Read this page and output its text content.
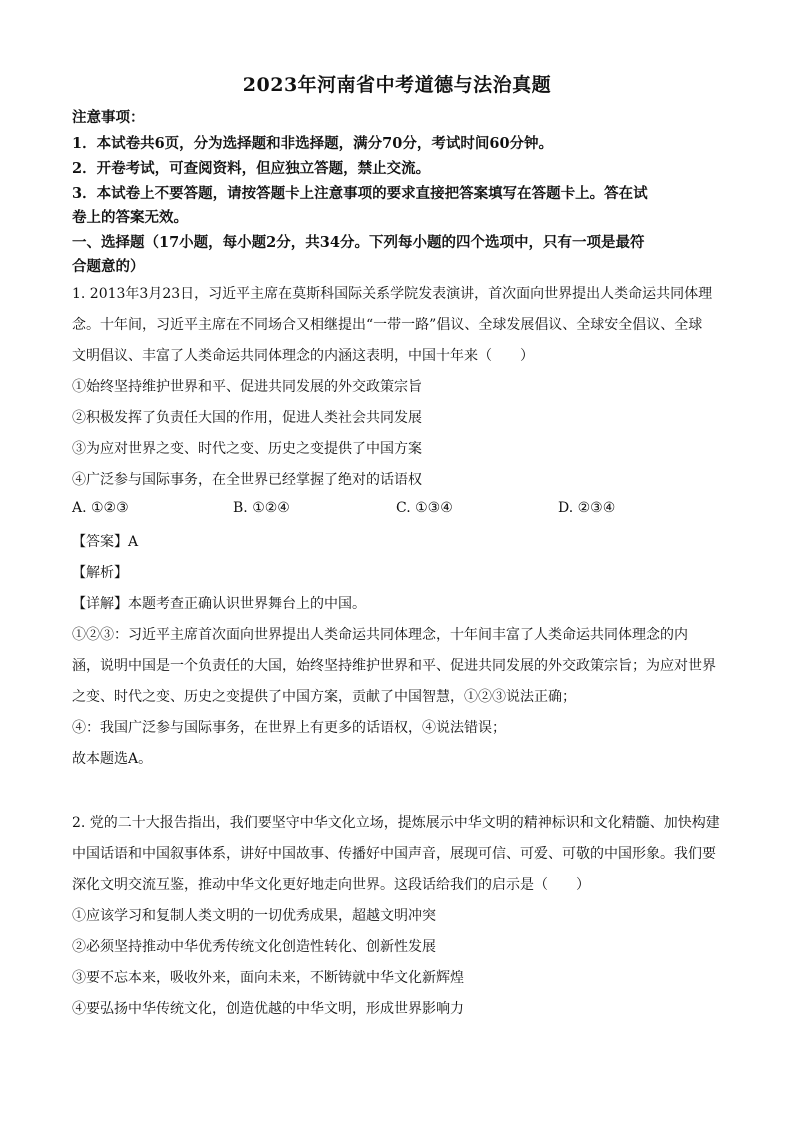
2023年河南省中考道德与法治真题
注意事项：
1．本试卷共6页，分为选择题和非选择题，满分70分，考试时间60分钟。
2．开卷考试，可查阅资料，但应独立答题，禁止交流。
3．本试卷上不要答题，请按答题卡上注意事项的要求直接把答案填写在答题卡上。答在试
卷上的答案无效。
一、选择题（17小题，每小题2分，共34分。下列每小题的四个选项中，只有一项是最符
合题意的）
1. 2013年3月23日，习近平主席在莫斯科国际关系学院发表演讲，首次面向世界提出人类命运共同体理
念。十年间，习近平主席在不同场合又相继提出“一带一路”倡议、全球发展倡议、全球安全倡议、全球
文明倡议、丰富了人类命运共同体理念的内涵这表明，中国十年来（　　）
①始终坚持维护世界和平、促进共同发展的外交政策宗旨
②积极发挥了负责任大国的作用，促进人类社会共同发展
③为应对世界之变、时代之变、历史之变提供了中国方案
④广泛参与国际事务，在全世界已经掌握了绝对的话语权
A. ①②③	B. ①②④	C. ①③④	D. ②③④
【答案】A
【解析】
【详解】本题考查正确认识世界舞台上的中国。
①②③：习近平主席首次面向世界提出人类命运共同体理念，十年间丰富了人类命运共同体理念的内
涵，说明中国是一个负责任的大国，始终坚持维护世界和平、促进共同发展的外交政策宗旨；为应对世界
之变、时代之变、历史之变提供了中国方案，贡献了中国智慧，①②③说法正确；
④：我国广泛参与国际事务，在世界上有更多的话语权，④说法错误；
故本题选A。
2. 党的二十大报告指出，我们要坚守中华文化立场，提炼展示中华文明的精神标识和文化精髓、加快构建
中国话语和中国叙事体系，讲好中国故事、传播好中国声音，展现可信、可爱、可敬的中国形象。我们要
深化文明交流互鉴，推动中华文化更好地走向世界。这段话给我们的启示是（　　）
①应该学习和复制人类文明的一切优秀成果，超越文明冲突
②必须坚持推动中华优秀传统文化创造性转化、创新性发展
③要不忘本来，吸收外来，面向未来，不断铸就中华文化新辉煌
④要弘扬中华传统文化，创造优越的中华文明，形成世界影响力
